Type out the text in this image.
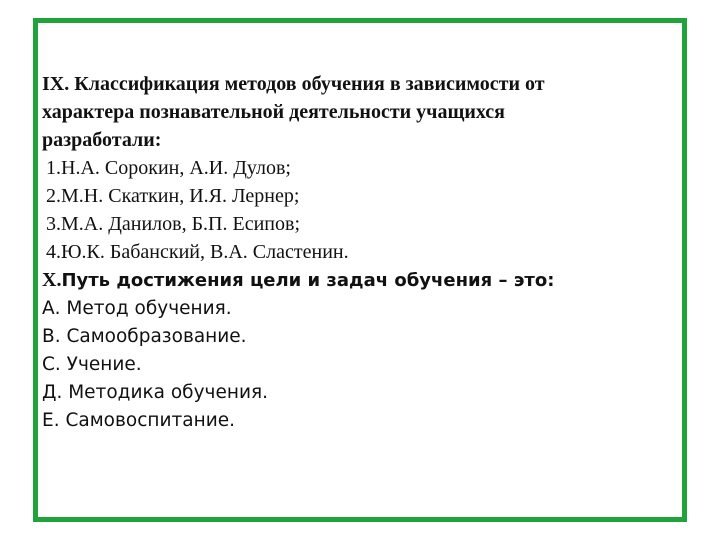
IX. Классификация методов обучения в зависимости от
характера познавательной деятельности учащихся
разработали:
1.Н.А. Сорокин, А.И. Дулов;
2.М.Н. Скаткин, И.Я. Лернер;
3.М.А. Данилов, Б.П. Есипов;
4.Ю.К. Бабанский, В.А. Сластенин.
X.Путь достижения цели и задач обучения – это:
А. Метод обучения.
В. Самообразование.
С. Учение.
Д. Методика обучения.
Е. Самовоспитание.
